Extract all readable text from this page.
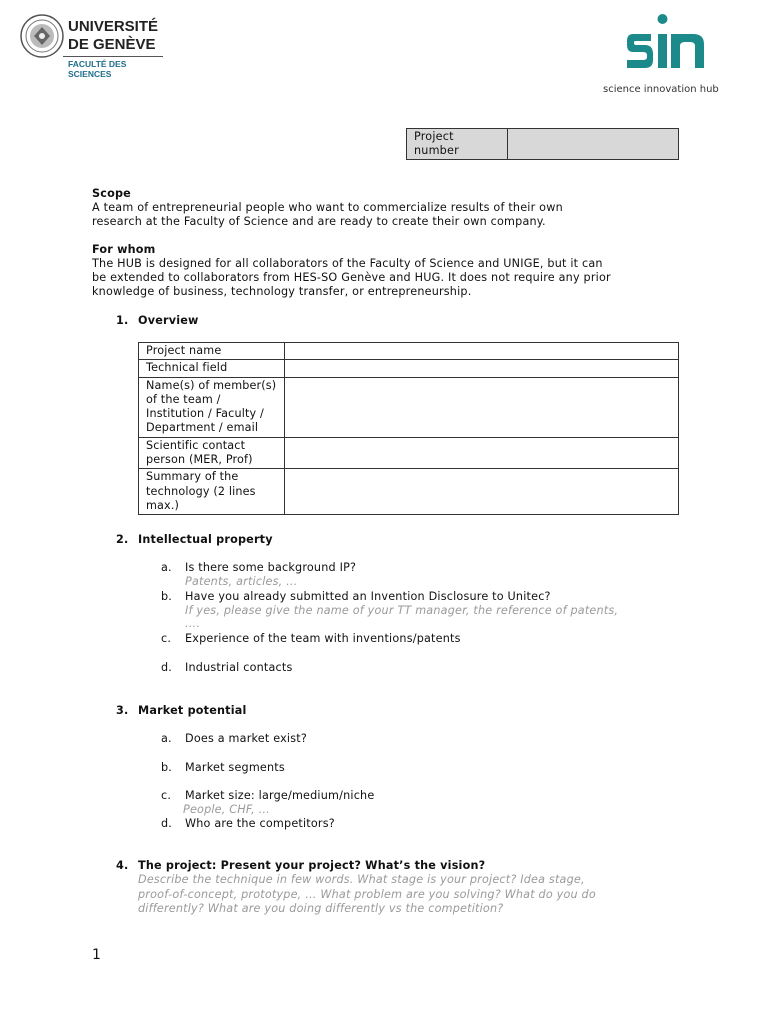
UNIVERSITÉ
DE GENÈVE
FACULTÉ DES SCIENCES
science innovation hub
Project number	
Scope
A team of entrepreneurial people who want to commercialize results of their own
research at the Faculty of Science and are ready to create their own company.
For whom
The HUB is designed for all collaborators of the Faculty of Science and UNIGE, but it can
be extended to collaborators from HES-SO Genève and HUG. It does not require any prior
knowledge of business, technology transfer, or entrepreneurship.
1. Overview
Project name	
Technical field	
Name(s) of member(s) of the team / Institution / Faculty / Department / email	
Scientific contact person (MER, Prof)	
Summary of the technology (2 lines max.)	
2. Intellectual property
a. Is there some background IP?
Patents, articles, …
b. Have you already submitted an Invention Disclosure to Unitec?
If yes, please give the name of your TT manager, the reference of patents,
….
c. Experience of the team with inventions/patents
d. Industrial contacts
3. Market potential
a. Does a market exist?
b. Market segments
c. Market size: large/medium/niche
People, CHF, …
d. Who are the competitors?
4. The project: Present your project? What’s the vision?
Describe the technique in few words. What stage is your project? Idea stage,
proof-of-concept, prototype, … What problem are you solving? What do you do
differently? What are you doing differently vs the competition?
1
